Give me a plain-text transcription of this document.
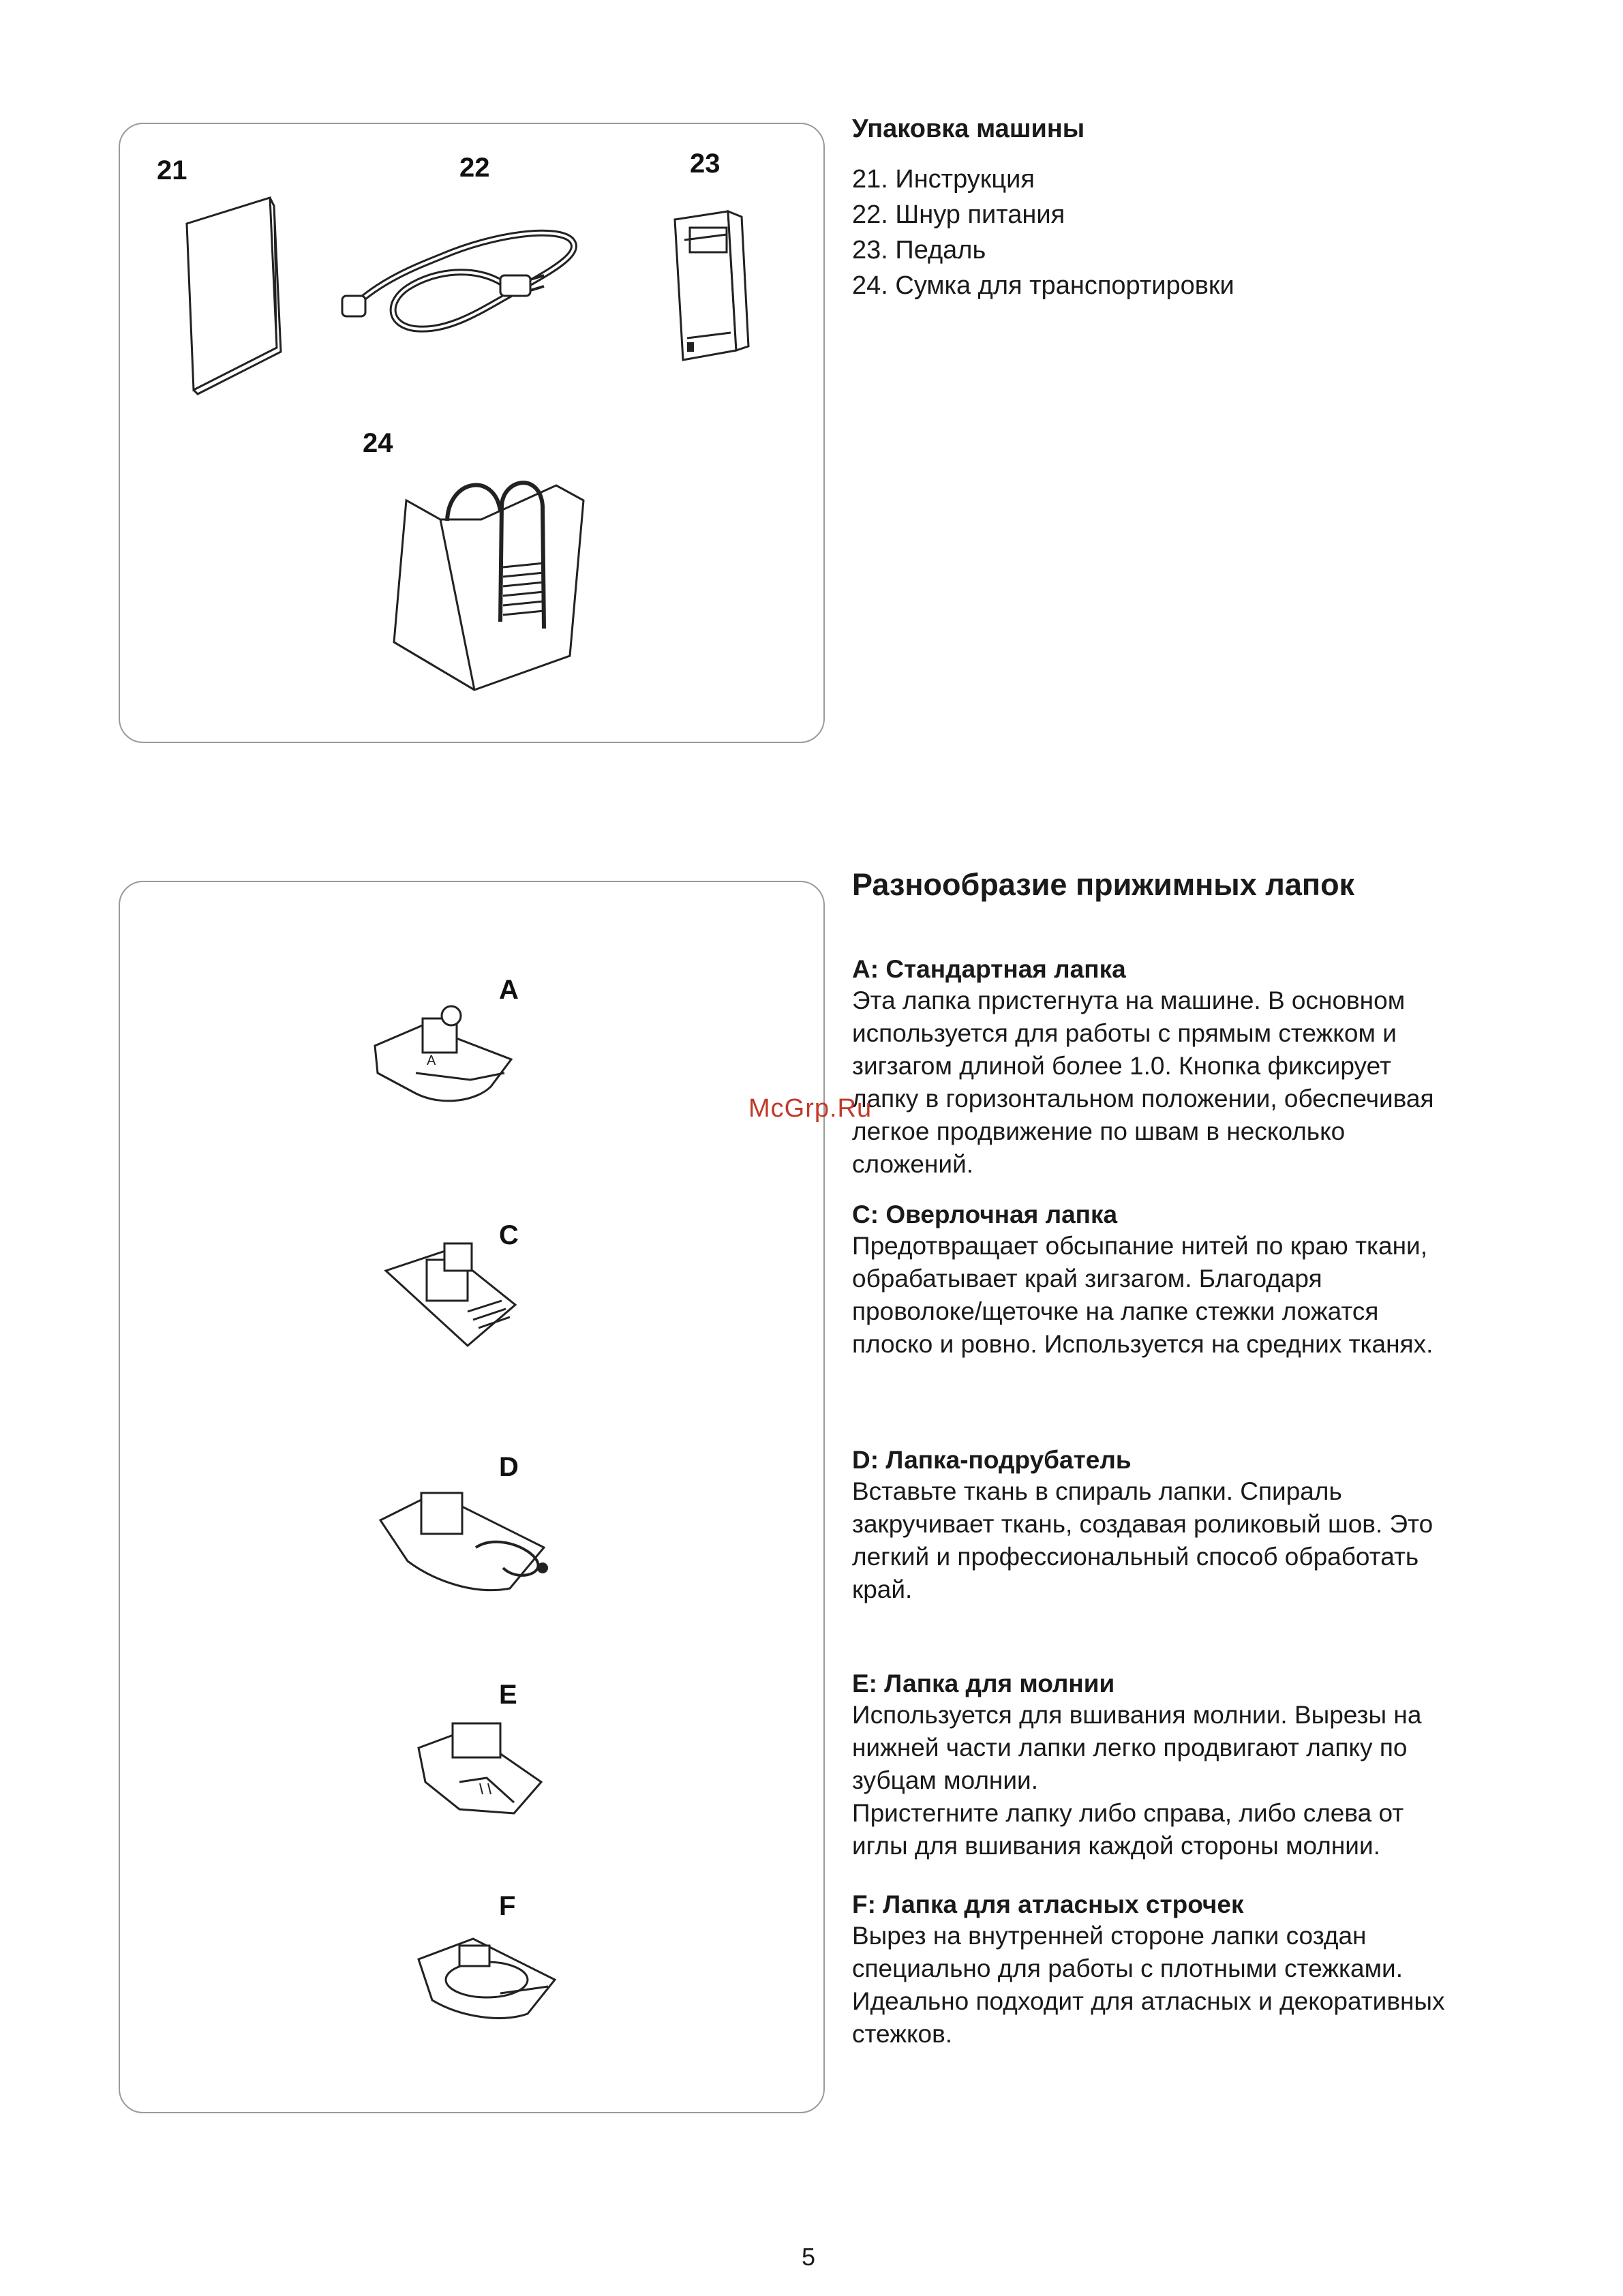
21	22	23
24
Упаковка машины
21. Инструкция
22. Шнур питания
23. Педаль
24. Сумка для транспортировки
A
A
C
D
E
F
Разнообразие прижимных лапок

A: Стандартная лапка

Эта лапка пристегнута на машине. В основном
используется для работы с прямым стежком и
зигзагом длиной более 1.0. Кнопка фиксирует
лапку в горизонтальном положении, обеспечивая
легкое продвижение по швам в несколько
сложений.

C: Оверлочная лапка

Предотвращает обсыпание нитей по краю ткани,
обрабатывает край зигзагом. Благодаря
проволоке/щеточке на лапке стежки ложатся
плоско и ровно. Используется на средних тканях.

D: Лапка-подрубатель

Вставьте ткань в спираль лапки. Спираль
закручивает ткань, создавая роликовый шов. Это
легкий и профессиональный способ обработать
край.

E: Лапка для молнии

Используется для вшивания молнии. Вырезы на
нижней части лапки легко продвигают лапку по
зубцам молнии.
Пристегните лапку либо справа, либо слева от
иглы для вшивания каждой стороны молнии.

F: Лапка для атласных строчек

Вырез на внутренней стороне лапки создан
специально для работы с плотными стежками.
Идеально подходит для атласных и декоративных
стежков.

McGrp.Ru
5
